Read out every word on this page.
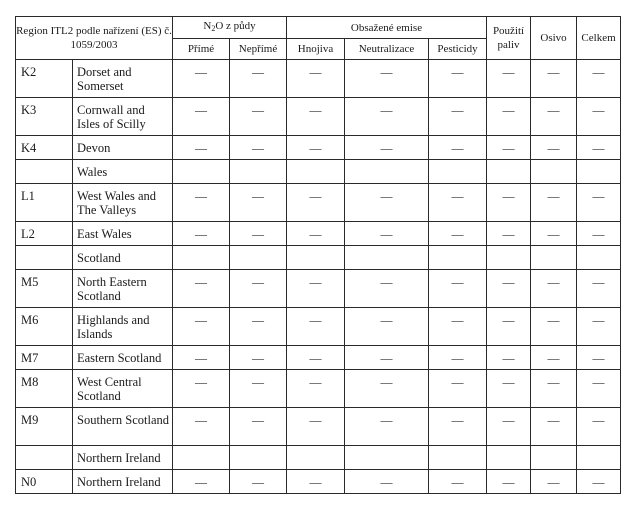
Region ITL2 podle nařízení (ES) č. 1059/2003		$N_2O$ z půdy		Obsažené emise			Použití paliv	Osivo	Celkem
		Přímé	Nepřímé	Hnojiva	Neutralizace	Pesticidy			
K2	Dorset and Somerset	—	—	—	—	—	—	—	—
K3	Cornwall and Isles of Scilly	—	—	—	—	—	—	—	—
K4	Devon	—	—	—	—	—	—	—	—
	Wales								
L1	West Wales and The Valleys	—	—	—	—	—	—	—	—
L2	East Wales	—	—	—	—	—	—	—	—
	Scotland								
M5	North Eastern Scotland	—	—	—	—	—	—	—	—
M6	Highlands and Islands	—	—	—	—	—	—	—	—
M7	Eastern Scotland	—	—	—	—	—	—	—	—
M8	West Central Scotland	—	—	—	—	—	—	—	—
M9	Southern Scotland	—	—	—	—	—	—	—	—
	Northern Ireland								
N0	Northern Ireland	—	—	—	—	—	—	—	—
